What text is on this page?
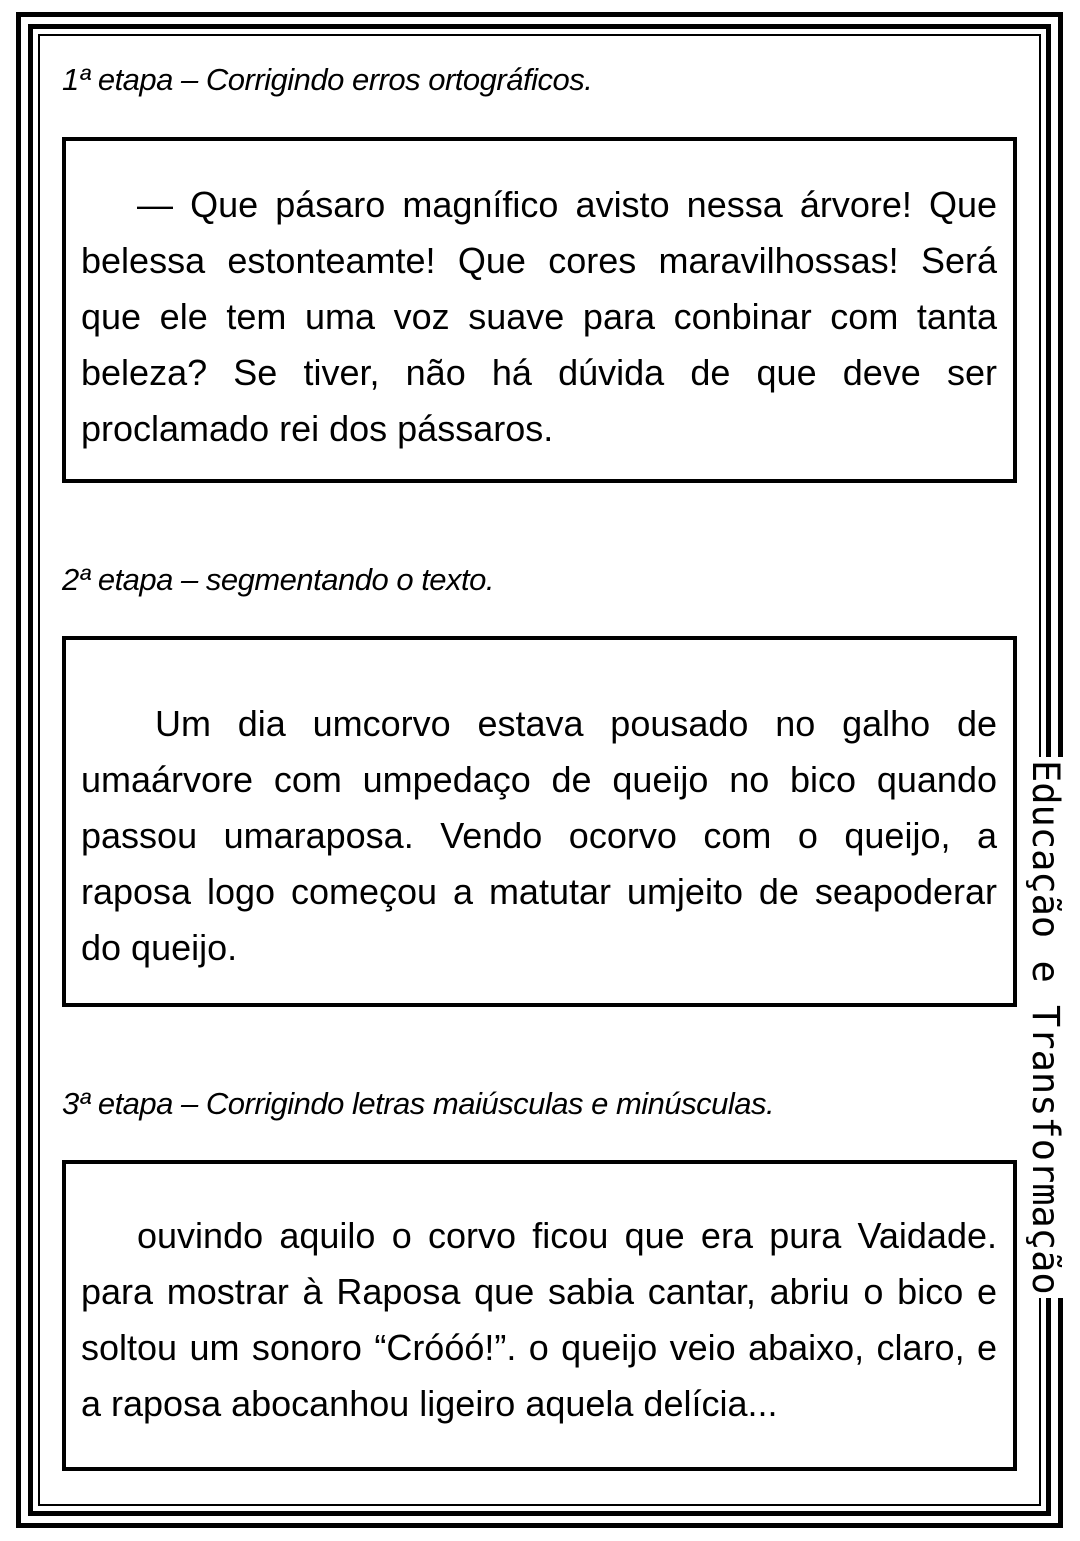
1ª etapa – Corrigindo erros ortográficos.

— Que pásaro magnífico avisto nessa árvore! Que belessa estonteamte! Que cores maravilhossas! Será que ele tem uma voz suave para conbinar com tanta beleza? Se tiver, não há dúvida de que deve ser proclamado rei dos pássaros.

2ª etapa – segmentando o texto.

Um dia umcorvo estava pousado no galho de umaárvore com umpedaço de queijo no bico quando passou umaraposa. Vendo ocorvo com o queijo, a raposa logo começou a matutar umjeito de seapoderar do queijo.

3ª etapa – Corrigindo letras maiúsculas e minúsculas.

ouvindo aquilo o corvo ficou que era pura Vaidade. para mostrar à Raposa que sabia cantar, abriu o bico e soltou um sonoro “Cróóó!”. o queijo veio abaixo, claro, e a raposa abocanhou ligeiro aquela delícia...

Educação e Transformação
